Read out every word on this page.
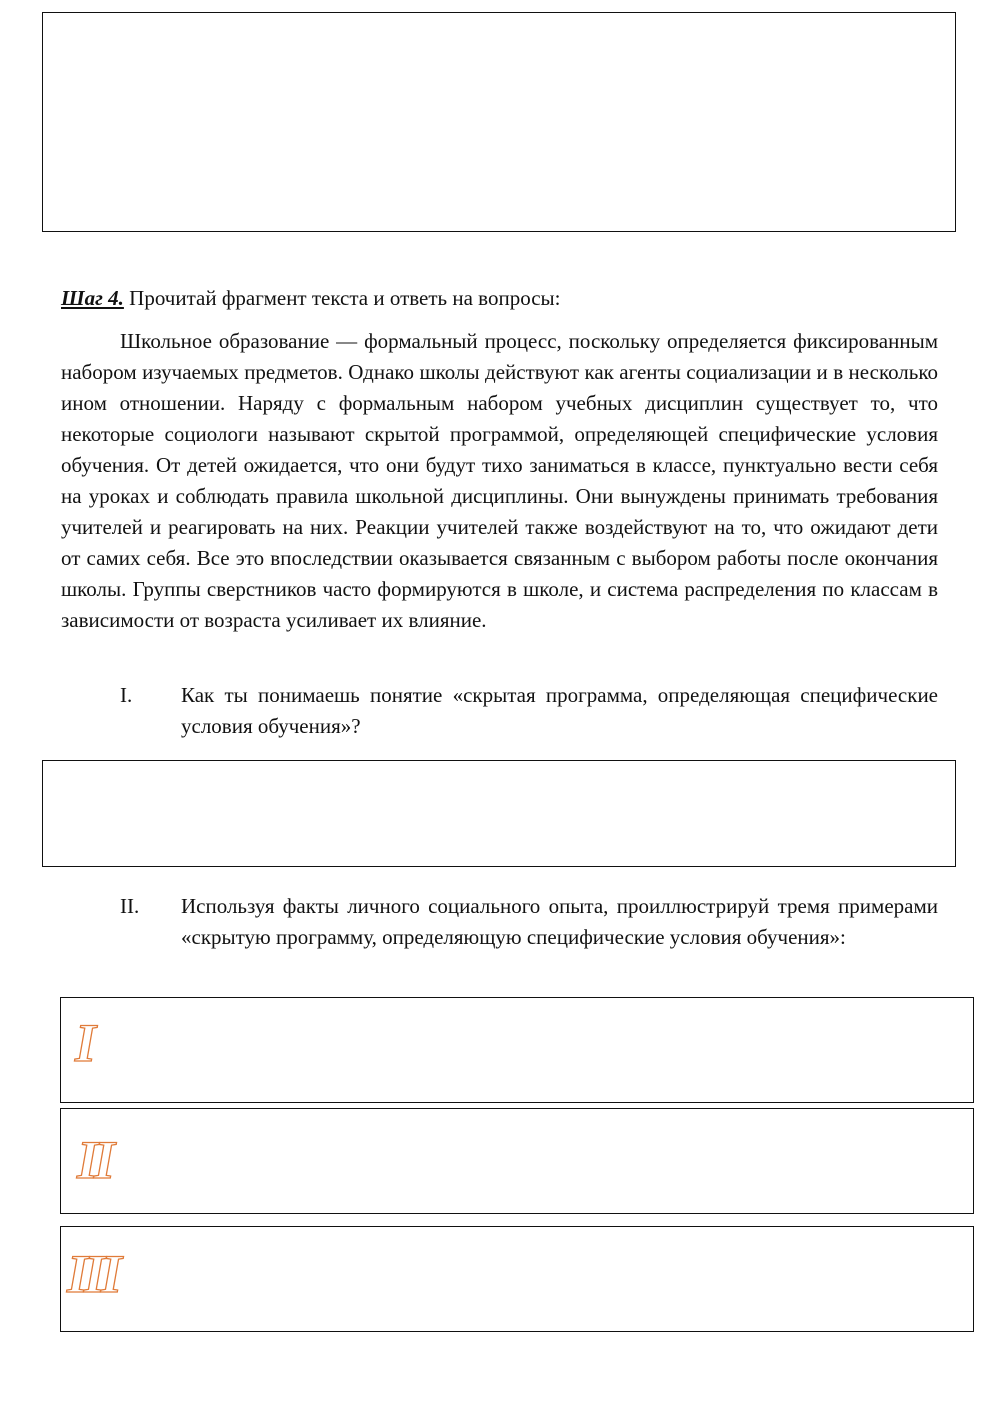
Шаг 4. Прочитай фрагмент текста и ответь на вопросы:

Школьное образование — формальный процесс, поскольку определяется фиксированным набором изучаемых предметов. Однако школы действуют как агенты социализации и в несколько ином отношении. Наряду с формальным набором учебных дисциплин существует то, что некоторые социологи называют скрытой программой, определяющей специфические условия обучения. От детей ожидается, что они будут тихо заниматься в классе, пунктуально вести себя на уроках и соблюдать правила школьной дисциплины. Они вынуждены принимать требования учителей и реагировать на них. Реакции учителей также воздействуют на то, что ожидают дети от самих себя. Все это впоследствии оказывается связанным с выбором работы после окончания школы. Группы сверстников часто формируются в школе, и система распределения по классам в зависимости от возраста усиливает их влияние.

I. Как ты понимаешь понятие «скрытая программа, определяющая специфические условия обучения»?

II. Используя факты личного социального опыта, проиллюстрируй тремя примерами «скрытую программу, определяющую специфические условия обучения»:

I
II
III
